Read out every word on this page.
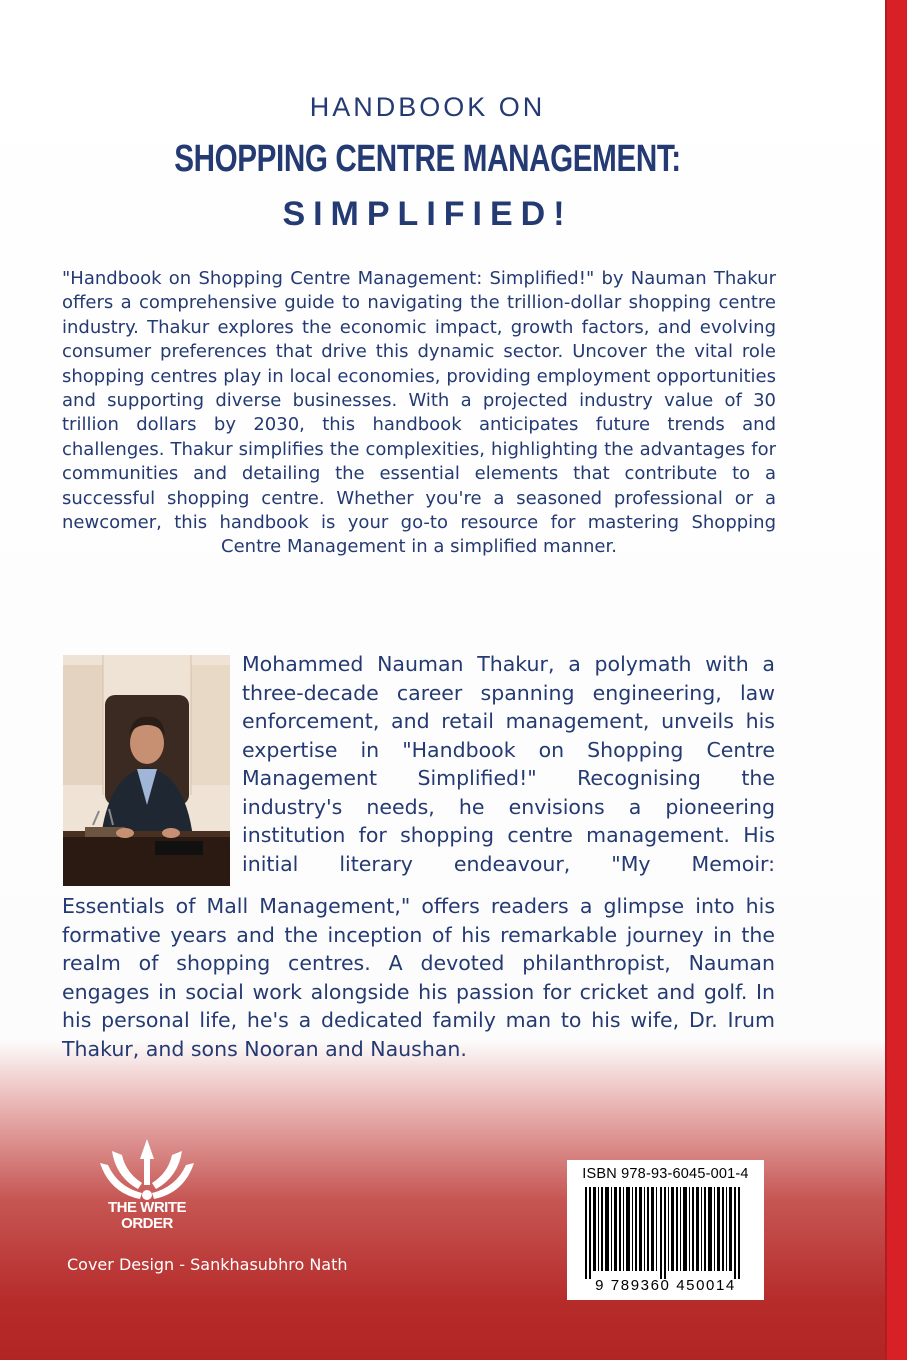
HANDBOOK ON
SHOPPING CENTRE MANAGEMENT:
SIMPLIFIED!

"Handbook on Shopping Centre Management: Simplified!" by Nauman Thakur offers a comprehensive guide to navigating the trillion-dollar shopping centre industry. Thakur explores the economic impact, growth factors, and evolving consumer preferences that drive this dynamic sector. Uncover the vital role shopping centres play in local economies, providing employment opportunities and supporting diverse businesses. With a projected industry value of 30 trillion dollars by 2030, this handbook anticipates future trends and challenges. Thakur simplifies the complexities, highlighting the advantages for communities and detailing the essential elements that contribute to a successful shopping centre. Whether you're a seasoned professional or a newcomer, this handbook is your go-to resource for mastering Shopping Centre Management in a simplified manner.

Mohammed Nauman Thakur, a polymath with a three-decade career spanning engineering, law enforcement, and retail management, unveils his expertise in "Handbook on Shopping Centre Management Simplified!" Recognising the industry's needs, he envisions a pioneering institution for shopping centre management. His initial literary endeavour, "My Memoir:

Essentials of Mall Management," offers readers a glimpse into his formative years and the inception of his remarkable journey in the realm of shopping centres. A devoted philanthropist, Nauman engages in social work alongside his passion for cricket and golf. In his personal life, he's a dedicated family man to his wife, Dr. Irum Thakur, and sons Nooran and Naushan.

THE WRITE
ORDER
Cover Design - Sankhasubhro Nath
ISBN 978-93-6045-001-4
9 789360 450014
